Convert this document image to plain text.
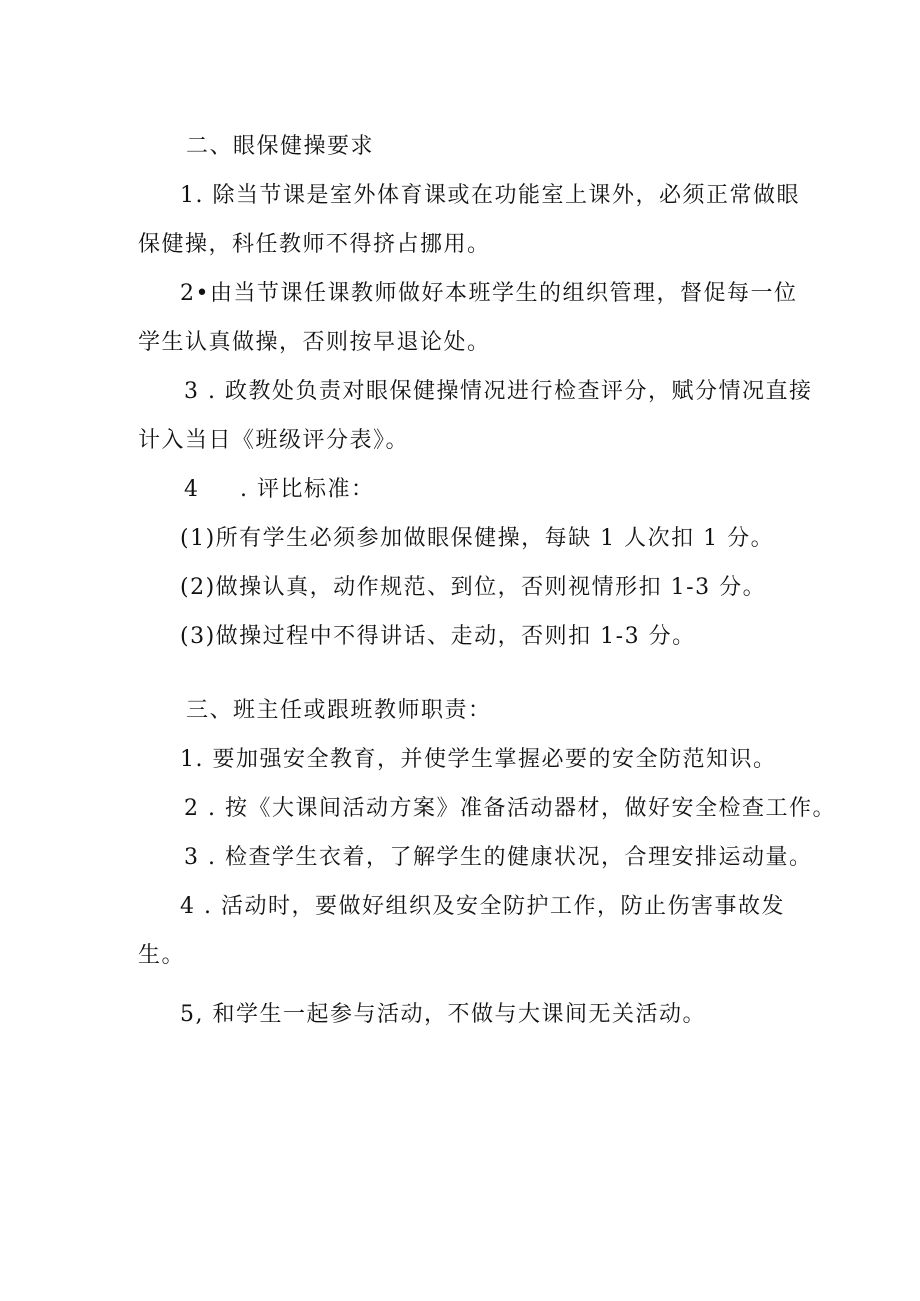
二、眼保健操要求
1. 除当节课是室外体育课或在功能室上课外，必须正常做眼
保健操，科任教师不得挤占挪用。
2•由当节课任课教师做好本班学生的组织管理，督促每一位
学生认真做操，否则按早退论处。
3 . 政教处负责对眼保健操情况进行检查评分，赋分情况直接
计入当日《班级评分表》。
4 . 评比标准：
(1)所有学生必须参加做眼保健操，每缺 1 人次扣 1 分。
(2)做操认真，动作规范、到位，否则视情形扣 1-3 分。
(3)做操过程中不得讲话、走动，否则扣 1-3 分。
三、班主任或跟班教师职责：
1. 要加强安全教育，并使学生掌握必要的安全防范知识。
2 . 按《大课间活动方案》准备活动器材，做好安全检查工作。
3 . 检查学生衣着，了解学生的健康状况，合理安排运动量。
4 . 活动时，要做好组织及安全防护工作，防止伤害事故发
生。
5, 和学生一起参与活动，不做与大课间无关活动。
